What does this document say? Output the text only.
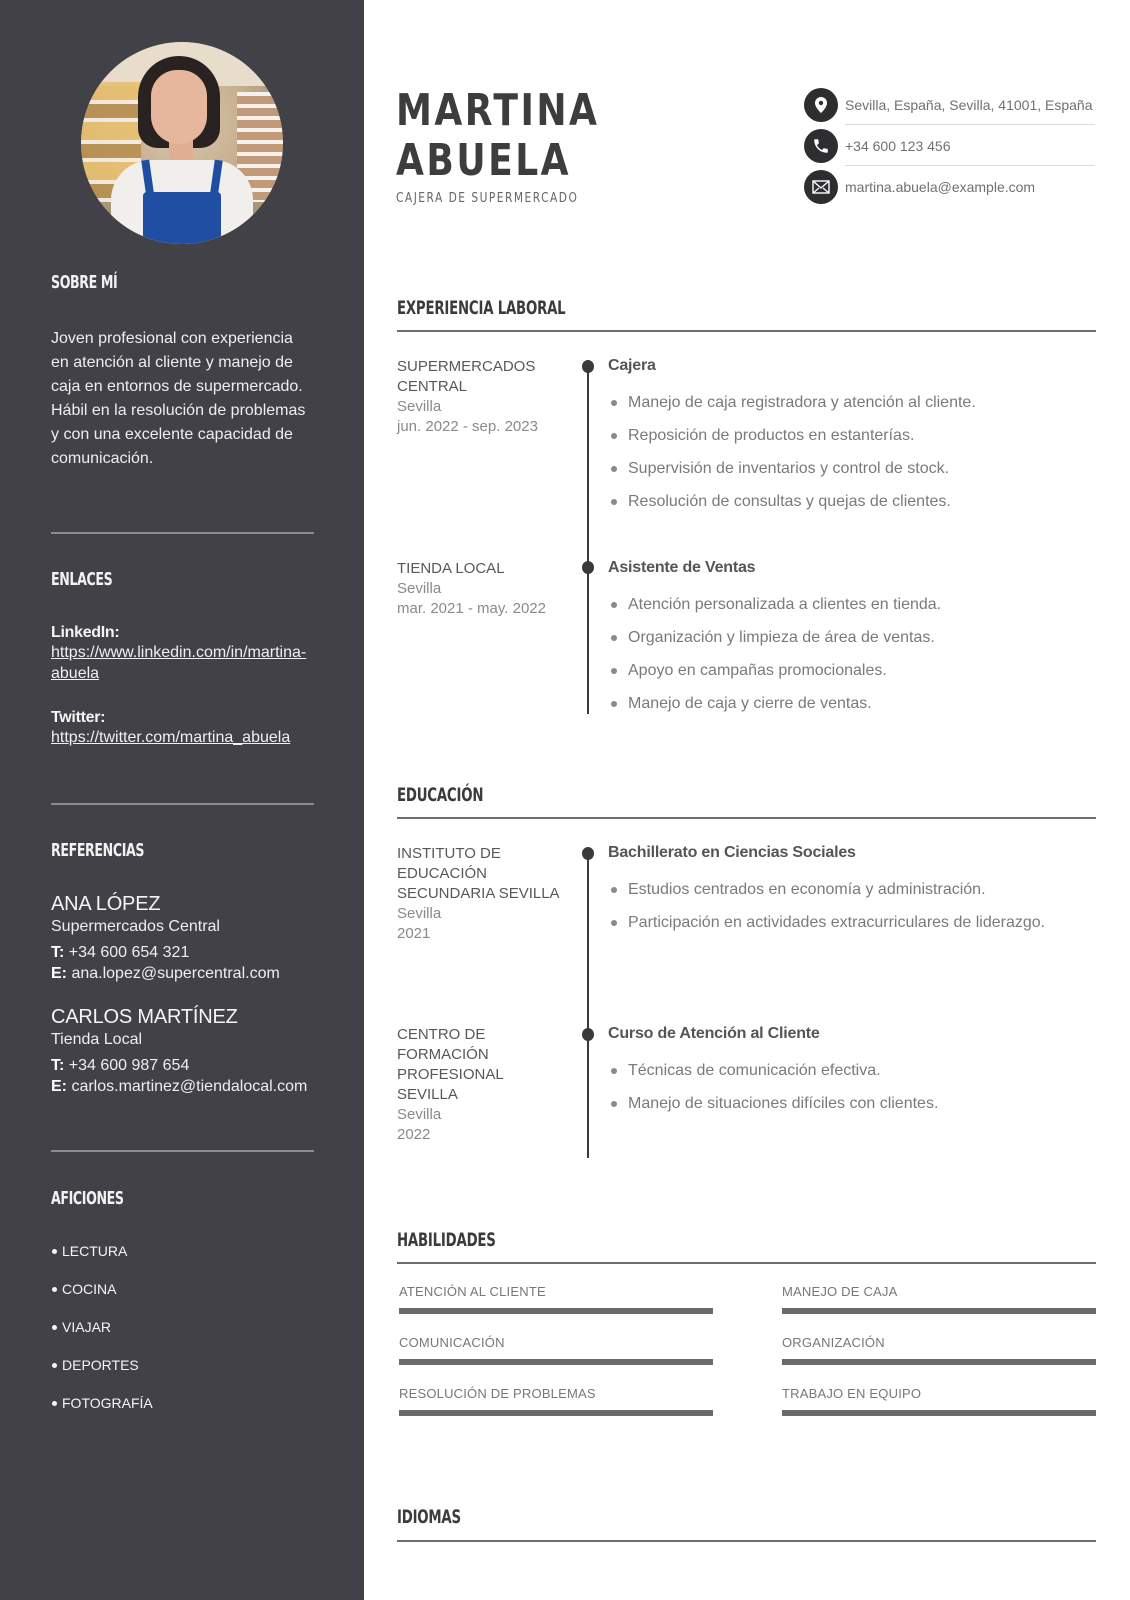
SOBRE MÍ
Joven profesional con experiencia en atención al cliente y manejo de caja en entornos de supermercado. Hábil en la resolución de problemas y con una excelente capacidad de comunicación.
ENLACES
LinkedIn:
https://www.linkedin.com/in/martina-abuela
Twitter:
https://twitter.com/martina_abuela
REFERENCIAS
ANA LÓPEZ
Supermercados Central
T: +34 600 654 321
E: ana.lopez@supercentral.com
CARLOS MARTÍNEZ
Tienda Local
T: +34 600 987 654
E: carlos.martinez@tiendalocal.com
AFICIONES
LECTURA
COCINA
VIAJAR
DEPORTES
FOTOGRAFÍA
MARTINA
ABUELA
CAJERA DE SUPERMERCADO
Sevilla, España, Sevilla, 41001, España
+34 600 123 456
martina.abuela@example.com
EXPERIENCIA LABORAL
SUPERMERCADOS CENTRAL
Sevilla
jun. 2022 - sep. 2023
Cajera
Manejo de caja registradora y atención al cliente.
Reposición de productos en estanterías.
Supervisión de inventarios y control de stock.
Resolución de consultas y quejas de clientes.
TIENDA LOCAL
Sevilla
mar. 2021 - may. 2022
Asistente de Ventas
Atención personalizada a clientes en tienda.
Organización y limpieza de área de ventas.
Apoyo en campañas promocionales.
Manejo de caja y cierre de ventas.
EDUCACIÓN
INSTITUTO DE EDUCACIÓN SECUNDARIA SEVILLA
Sevilla
2021
Bachillerato en Ciencias Sociales
Estudios centrados en economía y administración.
Participación en actividades extracurriculares de liderazgo.
CENTRO DE FORMACIÓN PROFESIONAL SEVILLA
Sevilla
2022
Curso de Atención al Cliente
Técnicas de comunicación efectiva.
Manejo de situaciones difíciles con clientes.
HABILIDADES
ATENCIÓN AL CLIENTE	MANEJO DE CAJA
COMUNICACIÓN	ORGANIZACIÓN
RESOLUCIÓN DE PROBLEMAS	TRABAJO EN EQUIPO
IDIOMAS
